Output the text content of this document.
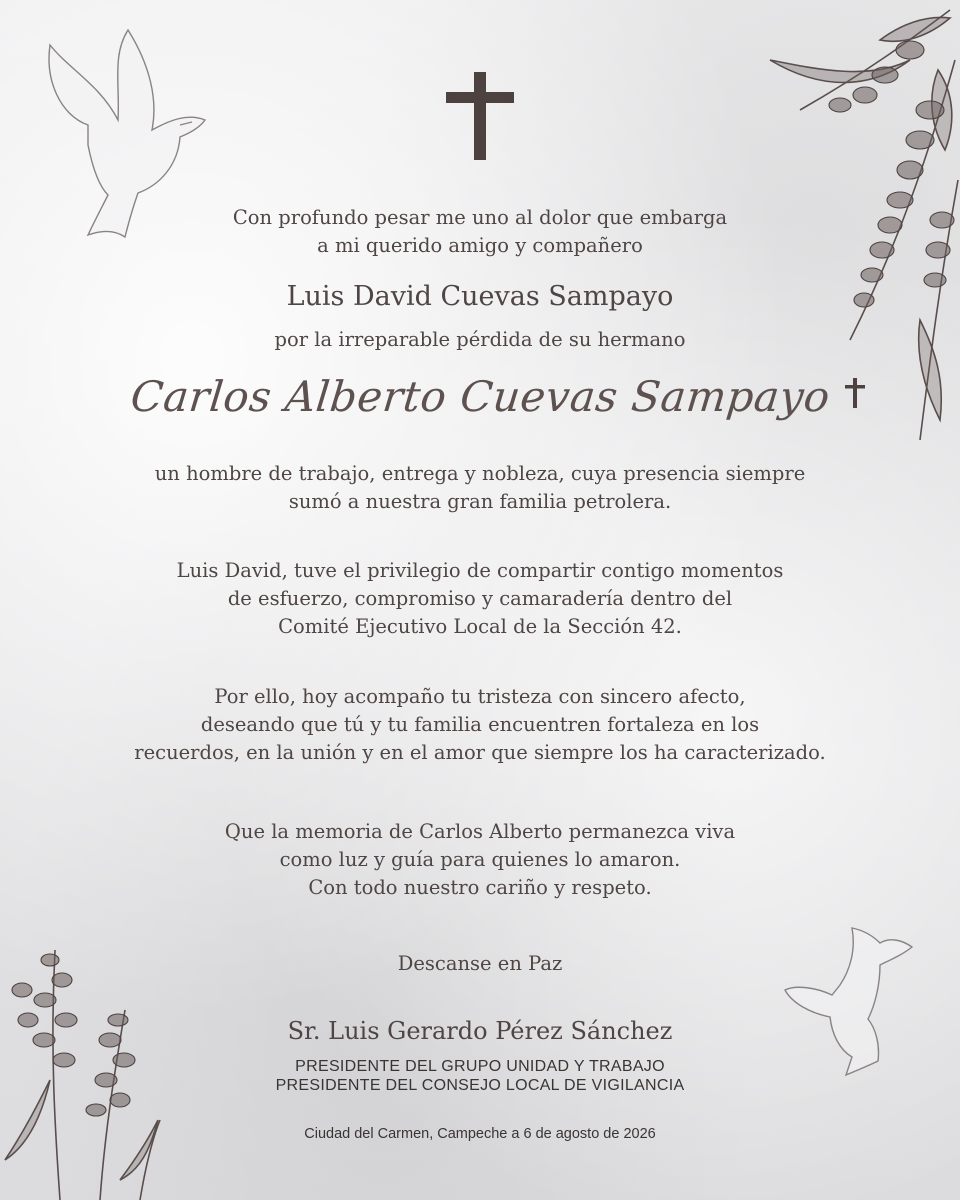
Con profundo pesar me uno al dolor que embarga
a mi querido amigo y compañero
Luis David Cuevas Sampayo
por la irreparable pérdida de su hermano
Carlos Alberto Cuevas Sampayo
un hombre de trabajo, entrega y nobleza, cuya presencia siempre
sumó a nuestra gran familia petrolera.
Luis David, tuve el privilegio de compartir contigo momentos
de esfuerzo, compromiso y camaradería dentro del
Comité Ejecutivo Local de la Sección 42.
Por ello, hoy acompaño tu tristeza con sincero afecto,
deseando que tú y tu familia encuentren fortaleza en los
recuerdos, en la unión y en el amor que siempre los ha caracterizado.
Que la memoria de Carlos Alberto permanezca viva
como luz y guía para quienes lo amaron.
Con todo nuestro cariño y respeto.
Descanse en Paz
Sr. Luis Gerardo Pérez Sánchez
PRESIDENTE DEL GRUPO UNIDAD Y TRABAJO
PRESIDENTE DEL CONSEJO LOCAL DE VIGILANCIA
Ciudad del Carmen, Campeche a 6 de agosto de 2026
